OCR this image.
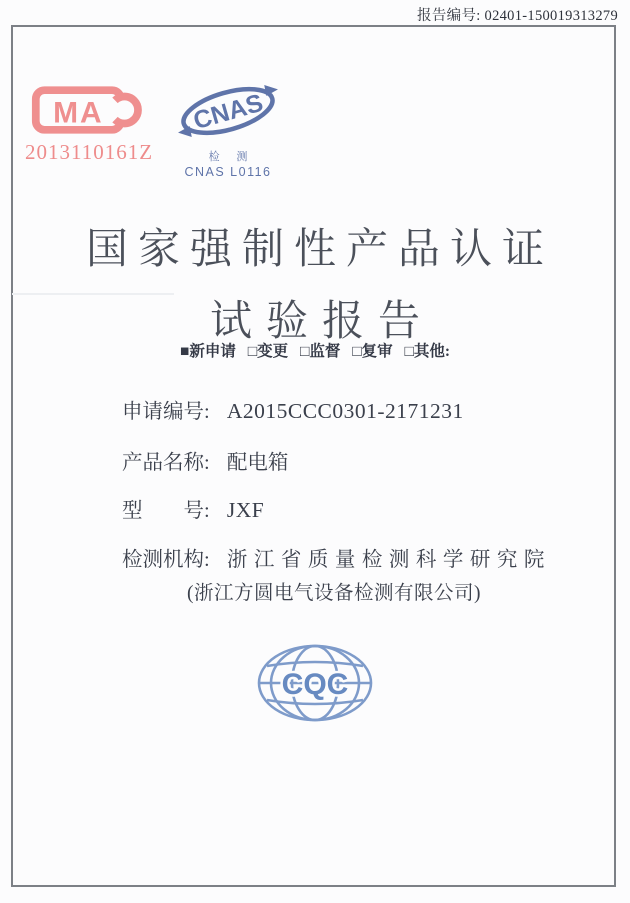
报告编号: 02401-150019313279
MA
2013110161Z
CNAS
检 测
CNAS L0116
国家强制性产品认证
试验报告
■新申请 □变更 □监督 □复审 □其他:
申请编号: A2015CCC0301-2171231
产品名称: 配电箱
型　　号: JXF
检测机构: 浙江省质量检测科学研究院
(浙江方圆电气设备检测有限公司)
CQC
